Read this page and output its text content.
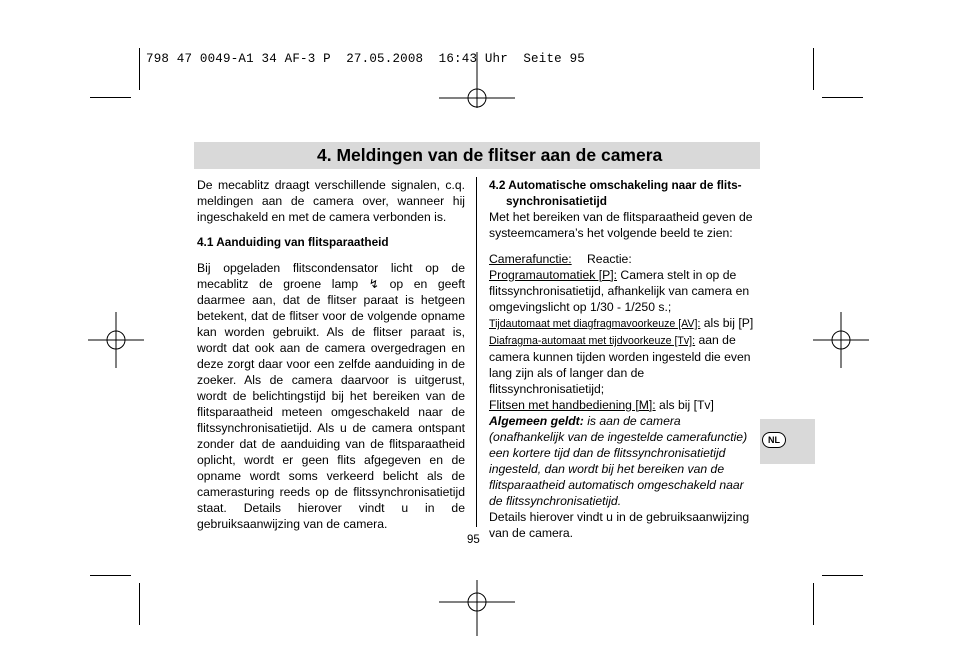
798 47 0049-A1 34 AF-3 P  27.05.2008  16:43 Uhr  Seite 95
4. Meldingen van de flitser aan de camera

De mecablitz draagt verschillende signalen, c.q. meldingen aan de camera over, wanneer hij ingeschakeld en met de camera verbonden is.

4.1 Aanduiding van flitsparaatheid

Bij opgeladen flitscondensator licht op de mecablitz de groene lamp ↯ op en geeft daarmee aan, dat de flitser paraat is hetgeen betekent, dat de flitser voor de volgende opname kan worden gebruikt. Als de flitser paraat is, wordt dat ook aan de camera overgedragen en deze zorgt daar voor een zelfde aanduiding in de zoeker. Als de camera daarvoor is uitgerust, wordt de belichtingstijd bij het bereiken van de flitsparaatheid meteen omgeschakeld naar de flitssynchronisatietijd. Als u de camera ontspant zonder dat de aanduiding van de flitsparaatheid oplicht, wordt er geen flits afgegeven en de opname wordt soms verkeerd belicht als de camerasturing reeds op de flitssynchronisatietijd staat. Details hierover vindt u in de gebruiksaanwijzing van de camera.

4.2 Automatische omschakeling naar de flits-
synchronisatietijd

Met het bereiken van de flitsparaatheid geven de systeemcamera’s het volgende beeld te zien:

Camerafunctie: Reactie:

Programautomatiek [P]: Camera stelt in op de flitssynchronisatietijd, afhankelijk van camera en omgevingslicht op 1/30 - 1/250 s.;

Tijdautomaat met diagfragmavoorkeuze [AV]: als bij [P]

Diafragma-automaat met tijdvoorkeuze [Tv]: aan de camera kunnen tijden worden ingesteld die even lang zijn als of langer dan de flitssynchronisatietijd;

Flitsen met handbediening [M]: als bij [Tv]

Algemeen geldt: is aan de camera (onafhankelijk van de ingestelde camerafunctie) een kortere tijd dan de flitssynchronisatietijd ingesteld, dan wordt bij het bereiken van de flitsparaatheid automatisch omgeschakeld naar de flitssynchronisatietijd.

Details hierover vindt u in de gebruiksaanwijzing van de camera.

95
NL
